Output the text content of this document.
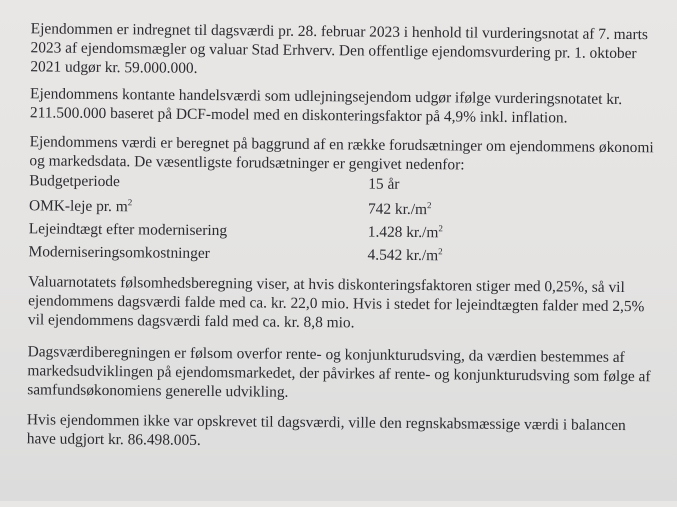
Ejendommen er indregnet til dagsværdi pr. 28. februar 2023 i henhold til vurderingsnotat af 7. marts 2023 af ejendomsmægler og valuar Stad Erhverv. Den offentlige ejendomsvurdering pr. 1. oktober 2021 udgør kr. 59.000.000.

Ejendommens kontante handelsværdi som udlejningsejendom udgør ifølge vurderingsnotatet kr. 211.500.000 baseret på DCF-model med en diskonteringsfaktor på 4,9% inkl. inflation.

Ejendommens værdi er beregnet på baggrund af en række forudsætninger om ejendommens økonomi og markedsdata. De væsentligste forudsætninger er gengivet nedenfor:

Budgetperiode	15 år
OMK-leje pr. $m^2$	742 $kr./m^2$
Lejeindtægt efter modernisering	1.428 $kr./m^2$
Moderniseringsomkostninger	4.542 $kr./m^2$

Valuarnotatets følsomhedsberegning viser, at hvis diskonteringsfaktoren stiger med 0,25%, så vil ejendommens dagsværdi falde med ca. kr. 22,0 mio. Hvis i stedet for lejeindtægten falder med 2,5% vil ejendommens dagsværdi fald med ca. kr. 8,8 mio.

Dagsværdiberegningen er følsom overfor rente- og konjunkturudsving, da værdien bestemmes af markedsudviklingen på ejendomsmarkedet, der påvirkes af rente- og konjunkturudsving som følge af samfundsøkonomiens generelle udvikling.

Hvis ejendommen ikke var opskrevet til dagsværdi, ville den regnskabsmæssige værdi i balancen have udgjort kr. 86.498.005.
